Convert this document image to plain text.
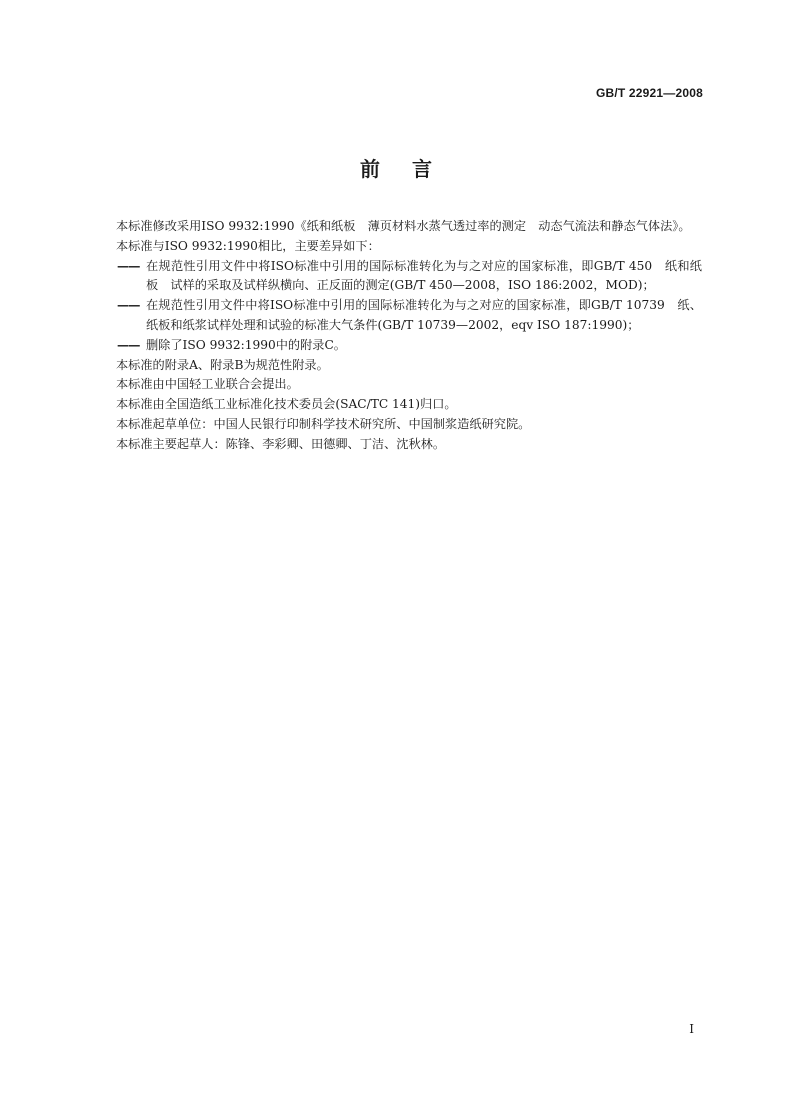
GB/T 22921—2008
前言

本标准修改采用ISO 9932:1990《纸和纸板　薄页材料水蒸气透过率的测定　动态气流法和静态气体法》。

本标准与ISO 9932:1990相比，主要差异如下：

—— 在规范性引用文件中将ISO标准中引用的国际标准转化为与之对应的国家标准，即GB/T 450　纸和纸板　试样的采取及试样纵横向、正反面的测定(GB/T 450—2008，ISO 186:2002，MOD)；

—— 在规范性引用文件中将ISO标准中引用的国际标准转化为与之对应的国家标准，即GB/T 10739　纸、纸板和纸浆试样处理和试验的标准大气条件(GB/T 10739—2002，eqv ISO 187:1990)；

—— 删除了ISO 9932:1990中的附录C。

本标准的附录A、附录B为规范性附录。

本标准由中国轻工业联合会提出。

本标准由全国造纸工业标准化技术委员会(SAC/TC 141)归口。

本标准起草单位：中国人民银行印制科学技术研究所、中国制浆造纸研究院。

本标准主要起草人：陈锋、李彩卿、田德卿、丁洁、沈秋林。

I
